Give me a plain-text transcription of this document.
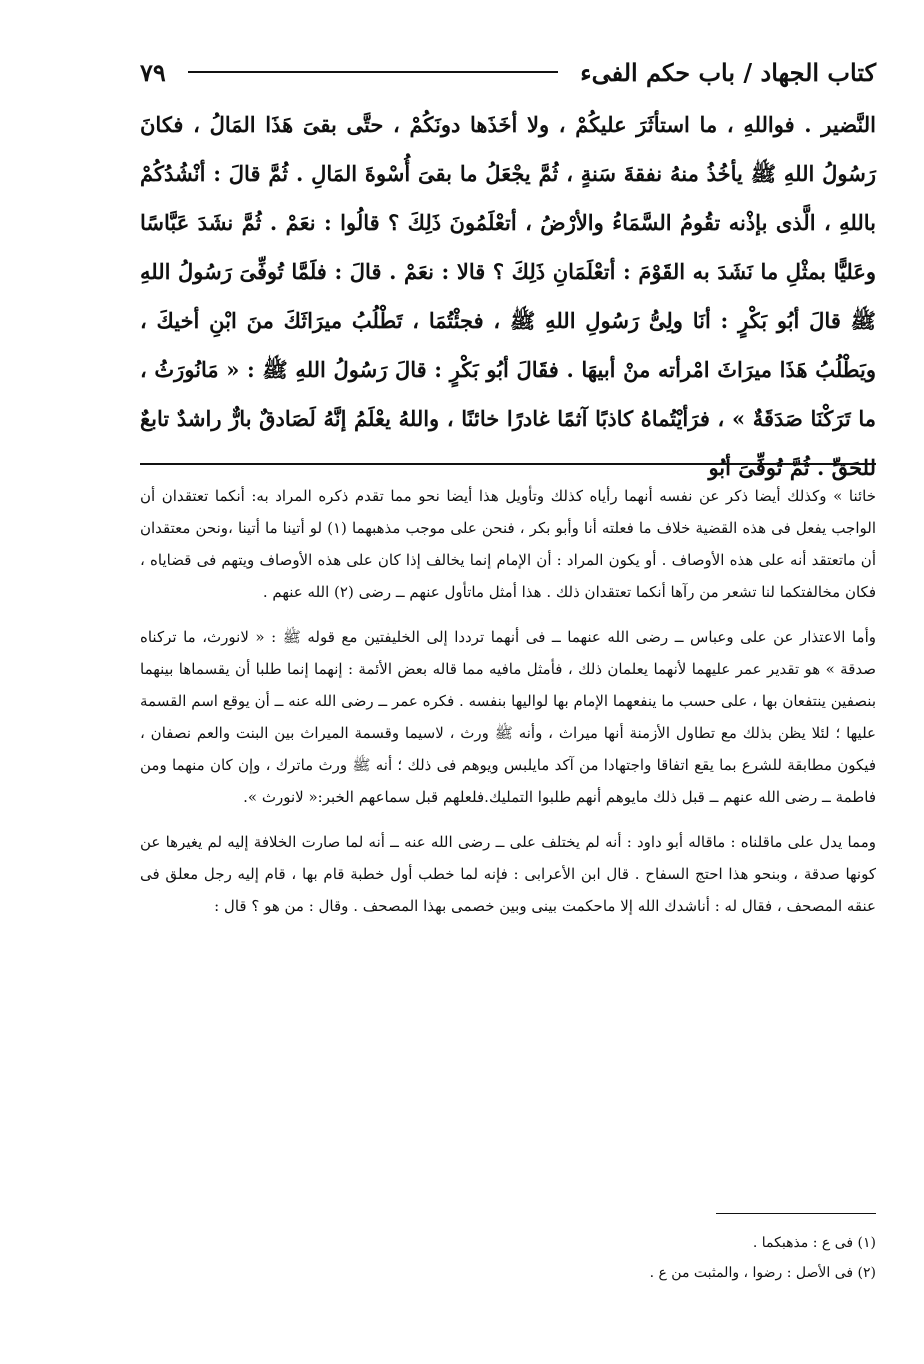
كتاب الجهاد / باب حكم الفىء
٧٩

النَّضير . فواللهِ ، ما استأثَرَ عليكُمْ ، ولا أخَذَها دونَكُمْ ، حتَّى بقىَ هَذَا المَالُ ، فكانَ رَسُولُ اللهِ ﷺ يأخُذُ منهُ نفقةَ سَنةٍ ، ثُمَّ يجْعَلُ ما بقىَ أُسْوةَ المَالِ . ثُمَّ قالَ : أنْشُدُكُمْ باللهِ ، الَّذى بإذْنه تقُومُ السَّمَاءُ والأرْضُ ، أتعْلَمُونَ ذَلِكَ ؟ قالُوا : نعَمْ . ثُمَّ نشَدَ عَبَّاسًا وعَليًّا بمثْلِ ما نَشَدَ به القَوْمَ : أتعْلَمَانِ ذَلِكَ ؟ قالا : نعَمْ . قالَ : فلَمَّا تُوفِّىَ رَسُولُ اللهِ ﷺ قالَ أبُو بَكْرٍ : أنَا ولِىُّ رَسُولِ اللهِ ﷺ ، فجئْتُمَا ، تَطْلُبُ ميرَاثَكَ منَ ابْنِ أخيكَ ، ويَطْلُبُ هَذَا ميرَاثَ امْرأته منْ أبيهَا . فقَالَ أبُو بَكْرٍ : قالَ رَسُولُ اللهِ ﷺ : « مَانُورَثُ ، ما تَرَكْنَا صَدَقَةٌ » ، فرَأيْتُماهُ كاذبًا آثمًا غادرًا خائنًا ، واللهُ يعْلَمُ إنَّهُ لَصَادقٌ بارٌّ راشدٌ تابعٌ للحَقِّ . ثُمَّ تُوفِّىَ أبُو

خائنا » وكذلك أيضا ذكر عن نفسه أنهما رأياه كذلك وتأويل هذا أيضا نحو مما تقدم ذكره المراد به: أنكما تعتقدان أن الواجب يفعل فى هذه القضية خلاف ما فعلته أنا وأبو بكر ، فنحن على موجب مذهبهما (١) لو أتينا ما أتينا ،ونحن معتقدان أن ماتعتقد أنه على هذه الأوصاف . أو يكون المراد : أن الإمام إنما يخالف إذا كان على هذه الأوصاف ويتهم فى قضاياه ، فكان مخالفتكما لنا تشعر من رآها أنكما تعتقدان ذلك . هذا أمثل ماتأول عنهم ــ رضى (٢) الله عنهم .

وأما الاعتذار عن على وعباس ــ رضى الله عنهما ــ فى أنهما ترددا إلى الخليفتين مع قوله ﷺ : « لانورث، ما تركناه صدقة » هو تقدير عمر عليهما لأنهما يعلمان ذلك ، فأمثل مافيه مما قاله بعض الأئمة : إنهما إنما طلبا أن يقسماها بينهما بنصفين ينتفعان بها ، على حسب ما ينفعهما الإمام بها لواليها بنفسه . فكره عمر ــ رضى الله عنه ــ أن يوقع اسم القسمة عليها ؛ لئلا يظن بذلك مع تطاول الأزمنة أنها ميراث ، وأنه ﷺ ورث ، لاسيما وقسمة الميراث بين البنت والعم نصفان ، فيكون مطابقة للشرع بما يقع اتفاقا واجتهادا من آكد مايلبس ويوهم فى ذلك ؛ أنه ﷺ ورث ماترك ، وإن كان منهما ومن فاطمة ــ رضى الله عنهم ــ قبل ذلك مايوهم أنهم طلبوا التمليك.فلعلهم قبل سماعهم الخبر:« لانورث ».

ومما يدل على ماقلناه : ماقاله أبو داود : أنه لم يختلف على ــ رضى الله عنه ــ أنه لما صارت الخلافة إليه لم يغيرها عن كونها صدقة ، وبنحو هذا احتج السفاح . قال ابن الأعرابى : فإنه لما خطب أول خطبة قام بها ، قام إليه رجل معلق فى عنقه المصحف ، فقال له : أناشدك الله إلا ماحكمت بينى وبين خصمى بهذا المصحف . وقال : من هو ؟ قال :

(١) فى ع : مذهبكما .

(٢) فى الأصل : رضوا ، والمثبت من ع .
